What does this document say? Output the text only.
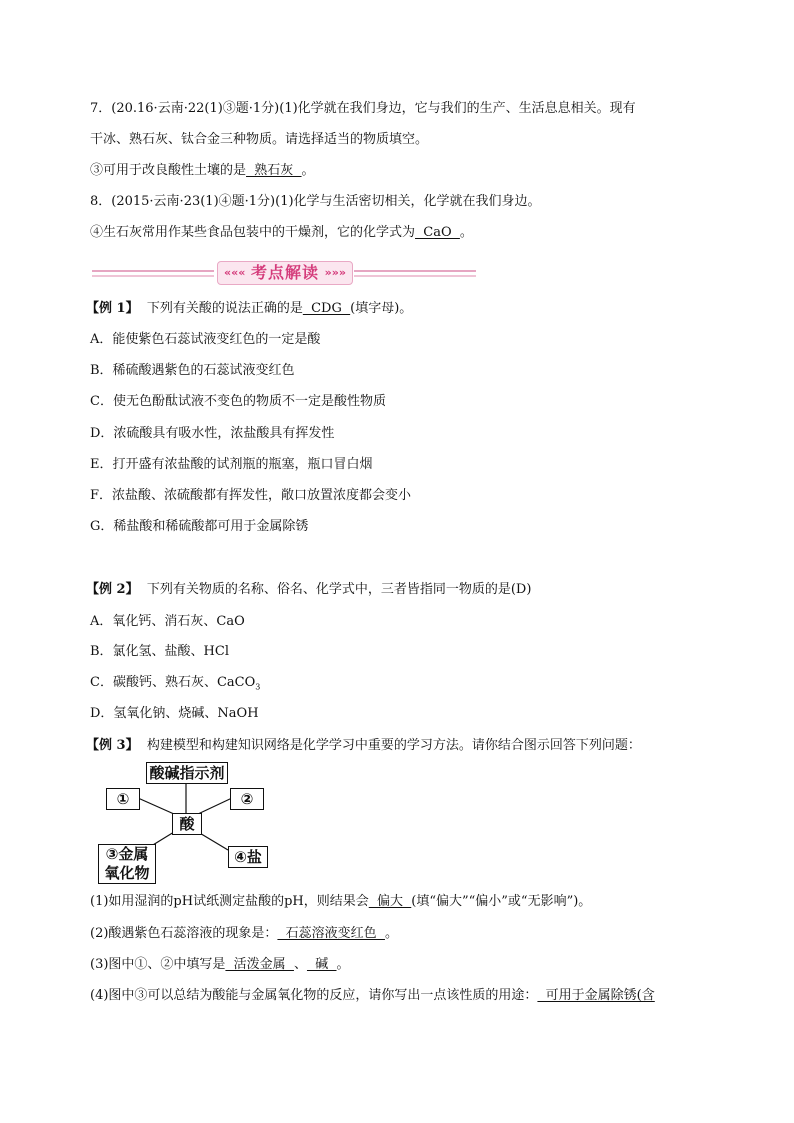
7．(20.16·云南·22(1)③题·1分)(1)化学就在我们身边，它与我们的生产、生活息息相关。现有
干冰、熟石灰、钛合金三种物质。请选择适当的物质填空。
③可用于改良酸性土壤的是  熟石灰  。
8．(2015·云南·23(1)④题·1分)(1)化学与生活密切相关，化学就在我们身边。
④生石灰常用作某些食品包装中的干燥剂，它的化学式为  CaO  。
««« 考点解读 »»»
【例 1】  下列有关酸的说法正确的是  CDG  (填字母)。
A．能使紫色石蕊试液变红色的一定是酸
B．稀硫酸遇紫色的石蕊试液变红色
C．使无色酚酞试液不变色的物质不一定是酸性物质
D．浓硫酸具有吸水性，浓盐酸具有挥发性
E．打开盛有浓盐酸的试剂瓶的瓶塞，瓶口冒白烟
F．浓盐酸、浓硫酸都有挥发性，敞口放置浓度都会变小
G．稀盐酸和稀硫酸都可用于金属除锈
【例 2】  下列有关物质的名称、俗名、化学式中，三者皆指同一物质的是(D)
A．氧化钙、消石灰、CaO
B．氯化氢、盐酸、HCl
C．碳酸钙、熟石灰、CaCO$_3$
D．氢氧化钠、烧碱、NaOH
【例 3】  构建模型和构建知识网络是化学学习中重要的学习方法。请你结合图示回答下列问题：
酸碱指示剂
①	②
酸
③金属
氧化物
④盐
(1)如用湿润的pH试纸测定盐酸的pH，则结果会  偏大  (填“偏大”“偏小”或“无影响”)。
(2)酸遇紫色石蕊溶液的现象是：  石蕊溶液变红色  。
(3)图中①、②中填写是  活泼金属  、  碱  。
(4)图中③可以总结为酸能与金属氧化物的反应，请你写出一点该性质的用途：  可用于金属除锈(含
